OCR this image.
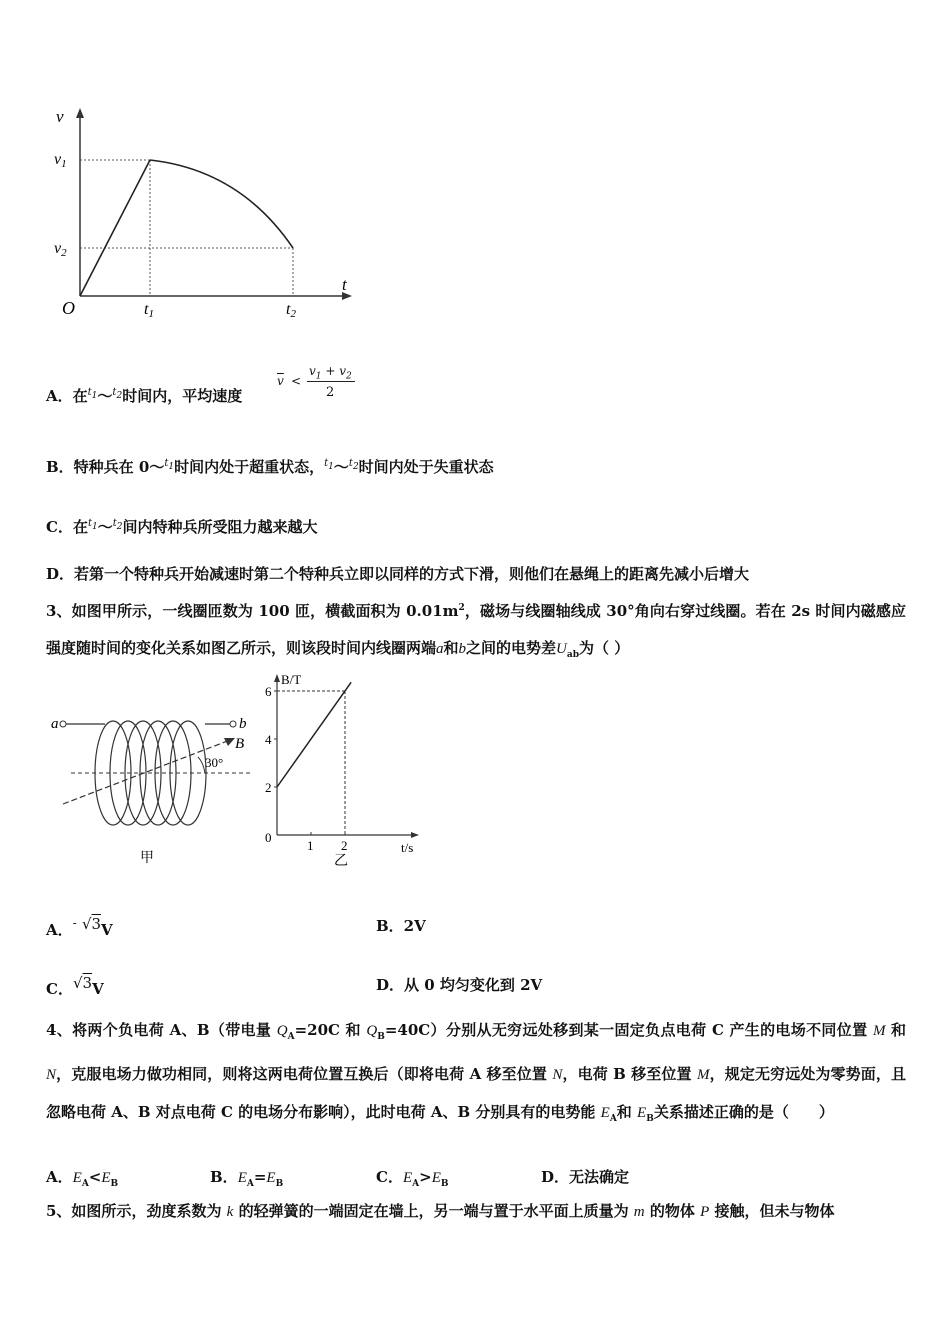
v
t
O
v1
v2
t1	t2
A．在$^{t_1}$～$^{t_2}$时间内，平均速度
$\overline{v}$ <
$v_1 + v_2$
2
B．特种兵在 0～$^{t_1}$时间内处于超重状态，$^{t_1}$～$^{t_2}$时间内处于失重状态
C．在$^{t_1}$～$^{t_2}$间内特种兵所受阻力越来越大
D．若第一个特种兵开始减速时第二个特种兵立即以同样的方式下滑，则他们在悬绳上的距离先减小后增大
3、如图甲所示，一线圈匝数为 100 匝，横截面积为 $0.01m^2$，磁场与线圈轴线成 30°角向右穿过线圈。若在 2s 时间内磁感应强度随时间的变化关系如图乙所示，则该段时间内线圈两端a和b之间的电势差$U_{ab}$为（ ）
a	b
B
30°
甲
2
4
6
1 2
B/T
t/s
0
乙
A．- √3V	B．2V
C．√3V	D．从 0 均匀变化到 2V
4、将两个负电荷 A、B（带电量 $Q_A=20C$ 和 $Q_B=40C$）分别从无穷远处移到某一固定负点电荷 C 产生的电场不同位置 M 和 N，克服电场力做功相同，则将这两电荷位置互换后（即将电荷 A 移至位置 N，电荷 B 移至位置 M，规定无穷远处为零势面，且忽略电荷 A、B 对点电荷 C 的电场分布影响），此时电荷 A、B 分别具有的电势能 $E_A$和 $E_B$关系描述正确的是（　　）
A．$E_A<E_B$	B．$E_A=E_B$	C．$E_A>E_B$	D．无法确定
5、如图所示，劲度系数为 k 的轻弹簧的一端固定在墙上，另一端与置于水平面上质量为 m 的物体 P 接触，但未与物体
